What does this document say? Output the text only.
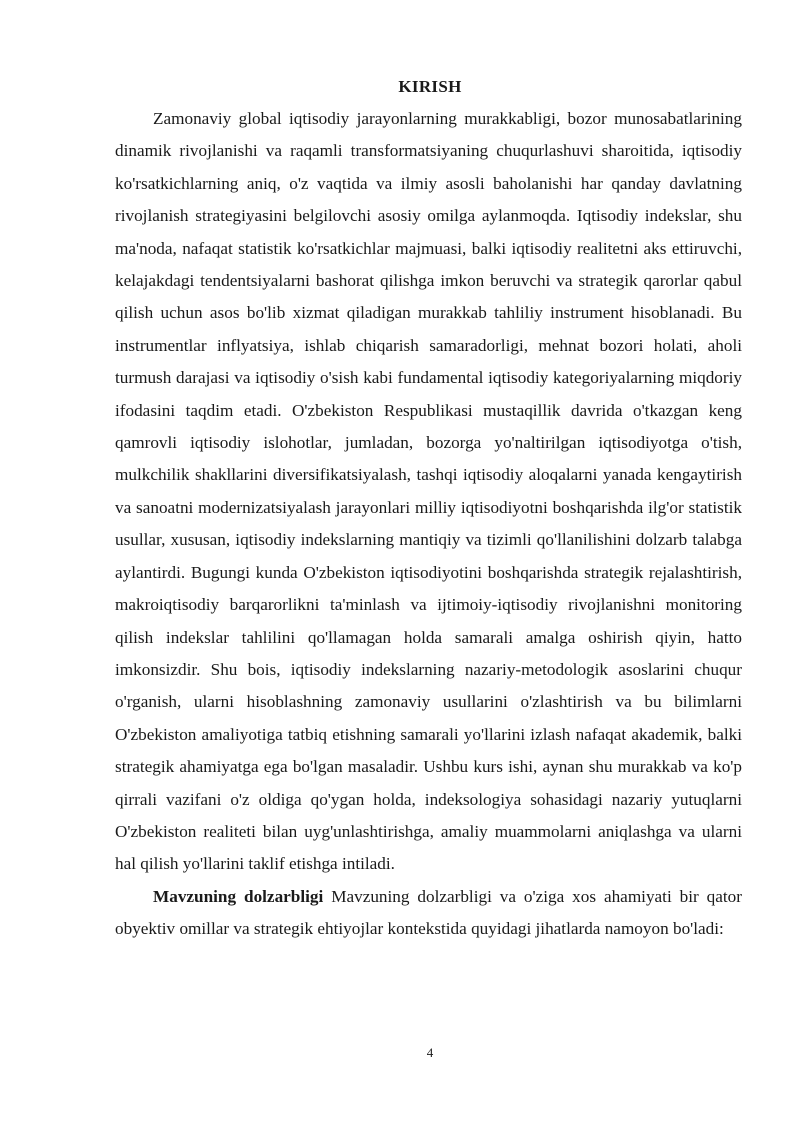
KIRISH

Zamonaviy global iqtisodiy jarayonlarning murakkabligi, bozor munosabatlarining dinamik rivojlanishi va raqamli transformatsiyaning chuqurlashuvi sharoitida, iqtisodiy ko'rsatkichlarning aniq, o'z vaqtida va ilmiy asosli baholanishi har qanday davlatning rivojlanish strategiyasini belgilovchi asosiy omilga aylanmoqda. Iqtisodiy indekslar, shu ma'noda, nafaqat statistik ko'rsatkichlar majmuasi, balki iqtisodiy realitetni aks ettiruvchi, kelajakdagi tendentsiyalarni bashorat qilishga imkon beruvchi va strategik qarorlar qabul qilish uchun asos bo'lib xizmat qiladigan murakkab tahliliy instrument hisoblanadi. Bu instrumentlar inflyatsiya, ishlab chiqarish samaradorligi, mehnat bozori holati, aholi turmush darajasi va iqtisodiy o'sish kabi fundamental iqtisodiy kategoriyalarning miqdoriy ifodasini taqdim etadi. O'zbekiston Respublikasi mustaqillik davrida o'tkazgan keng qamrovli iqtisodiy islohotlar, jumladan, bozorga yo'naltirilgan iqtisodiyotga o'tish, mulkchilik shakllarini diversifikatsiyalash, tashqi iqtisodiy aloqalarni yanada kengaytirish va sanoatni modernizatsiyalash jarayonlari milliy iqtisodiyotni boshqarishda ilg'or statistik usullar, xususan, iqtisodiy indekslarning mantiqiy va tizimli qo'llanilishini dolzarb talabga aylantirdi. Bugungi kunda O'zbekiston iqtisodiyotini boshqarishda strategik rejalashtirish, makroiqtisodiy barqarorlikni ta'minlash va ijtimoiy-iqtisodiy rivojlanishni monitoring qilish indekslar tahlilini qo'llamagan holda samarali amalga oshirish qiyin, hatto imkonsizdir. Shu bois, iqtisodiy indekslarning nazariy-metodologik asoslarini chuqur o'rganish, ularni hisoblashning zamonaviy usullarini o'zlashtirish va bu bilimlarni O'zbekiston amaliyotiga tatbiq etishning samarali yo'llarini izlash nafaqat akademik, balki strategik ahamiyatga ega bo'lgan masaladir. Ushbu kurs ishi, aynan shu murakkab va ko'p qirrali vazifani o'z oldiga qo'ygan holda, indeksologiya sohasidagi nazariy yutuqlarni O'zbekiston realiteti bilan uyg'unlashtirishga, amaliy muammolarni aniqlashga va ularni hal qilish yo'llarini taklif etishga intiladi.

Mavzuning dolzarbligi Mavzuning dolzarbligi va o'ziga xos ahamiyati bir qator obyektiv omillar va strategik ehtiyojlar kontekstida quyidagi jihatlarda namoyon bo'ladi:

4
